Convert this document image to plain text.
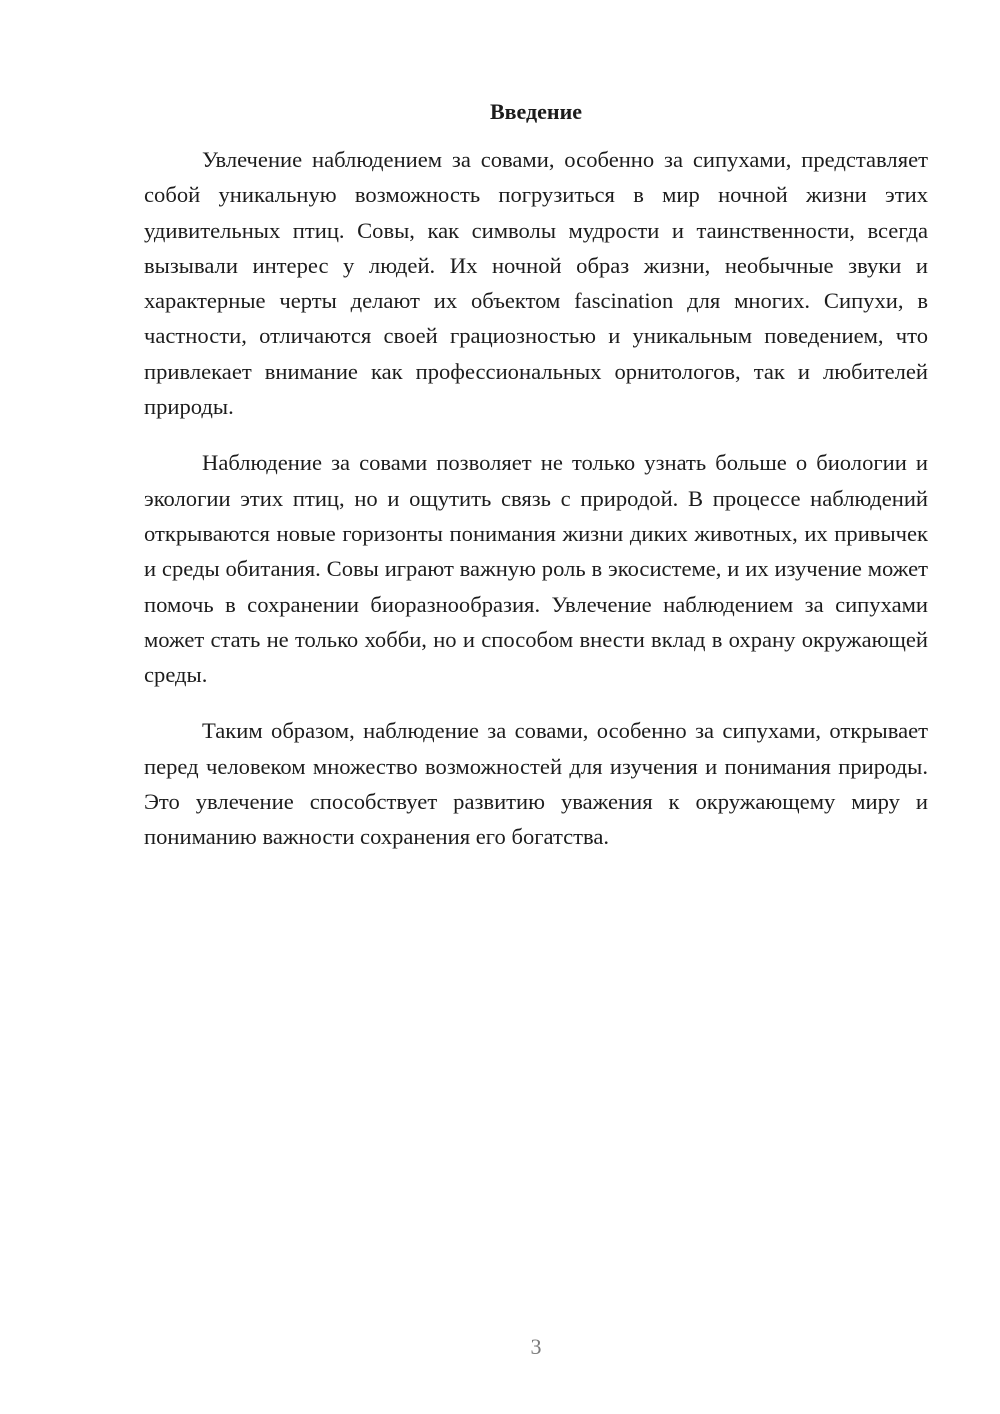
Введение

Увлечение наблюдением за совами, особенно за сипухами, представляет собой уникальную возможность погрузиться в мир ночной жизни этих удивительных птиц. Совы, как символы мудрости и таинственности, всегда вызывали интерес у людей. Их ночной образ жизни, необычные звуки и характерные черты делают их объектом fascination для многих. Сипухи, в частности, отличаются своей грациозностью и уникальным поведением, что привлекает внимание как профессиональных орнитологов, так и любителей природы.

Наблюдение за совами позволяет не только узнать больше о биологии и экологии этих птиц, но и ощутить связь с природой. В процессе наблюдений открываются новые горизонты понимания жизни диких животных, их привычек и среды обитания. Совы играют важную роль в экосистеме, и их изучение может помочь в сохранении биоразнообразия. Увлечение наблюдением за сипухами может стать не только хобби, но и способом внести вклад в охрану окружающей среды.

Таким образом, наблюдение за совами, особенно за сипухами, открывает перед человеком множество возможностей для изучения и понимания природы. Это увлечение способствует развитию уважения к окружающему миру и пониманию важности сохранения его богатства.

3
